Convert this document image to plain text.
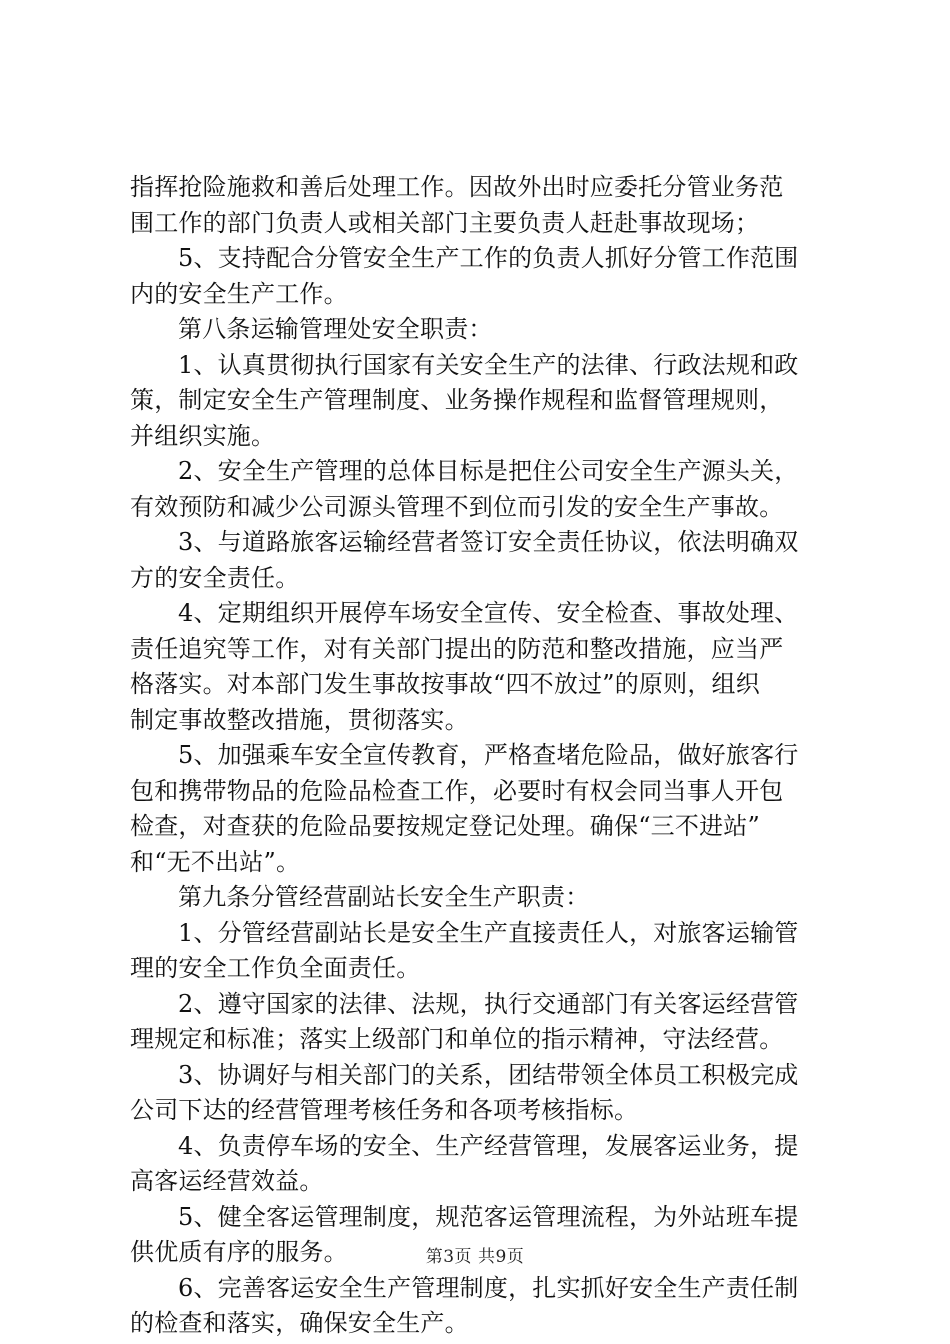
指挥抢险施救和善后处理工作。因故外出时应委托分管业务范
围工作的部门负责人或相关部门主要负责人赶赴事故现场；

5、支持配合分管安全生产工作的负责人抓好分管工作范围
内的安全生产工作。

第八条运输管理处安全职责：

1、认真贯彻执行国家有关安全生产的法律、行政法规和政
策，制定安全生产管理制度、业务操作规程和监督管理规则，
并组织实施。

2、安全生产管理的总体目标是把住公司安全生产源头关，
有效预防和减少公司源头管理不到位而引发的安全生产事故。

3、与道路旅客运输经营者签订安全责任协议，依法明确双
方的安全责任。

4、定期组织开展停车场安全宣传、安全检查、事故处理、
责任追究等工作，对有关部门提出的防范和整改措施，应当严
格落实。对本部门发生事故按事故“四不放过”的原则，组织
制定事故整改措施，贯彻落实。

5、加强乘车安全宣传教育，严格查堵危险品，做好旅客行
包和携带物品的危险品检查工作，必要时有权会同当事人开包
检查，对查获的危险品要按规定登记处理。确保“三不进站”
和“无不出站”。

第九条分管经营副站长安全生产职责：

1、分管经营副站长是安全生产直接责任人，对旅客运输管
理的安全工作负全面责任。

2、遵守国家的法律、法规，执行交通部门有关客运经营管
理规定和标准；落实上级部门和单位的指示精神，守法经营。

3、协调好与相关部门的关系，团结带领全体员工积极完成
公司下达的经营管理考核任务和各项考核指标。

4、负责停车场的安全、生产经营管理，发展客运业务，提
高客运经营效益。

5、健全客运管理制度，规范客运管理流程，为外站班车提
供优质有序的服务。

6、完善客运安全生产管理制度，扎实抓好安全生产责任制
的检查和落实，确保安全生产。

第3页 共9页
